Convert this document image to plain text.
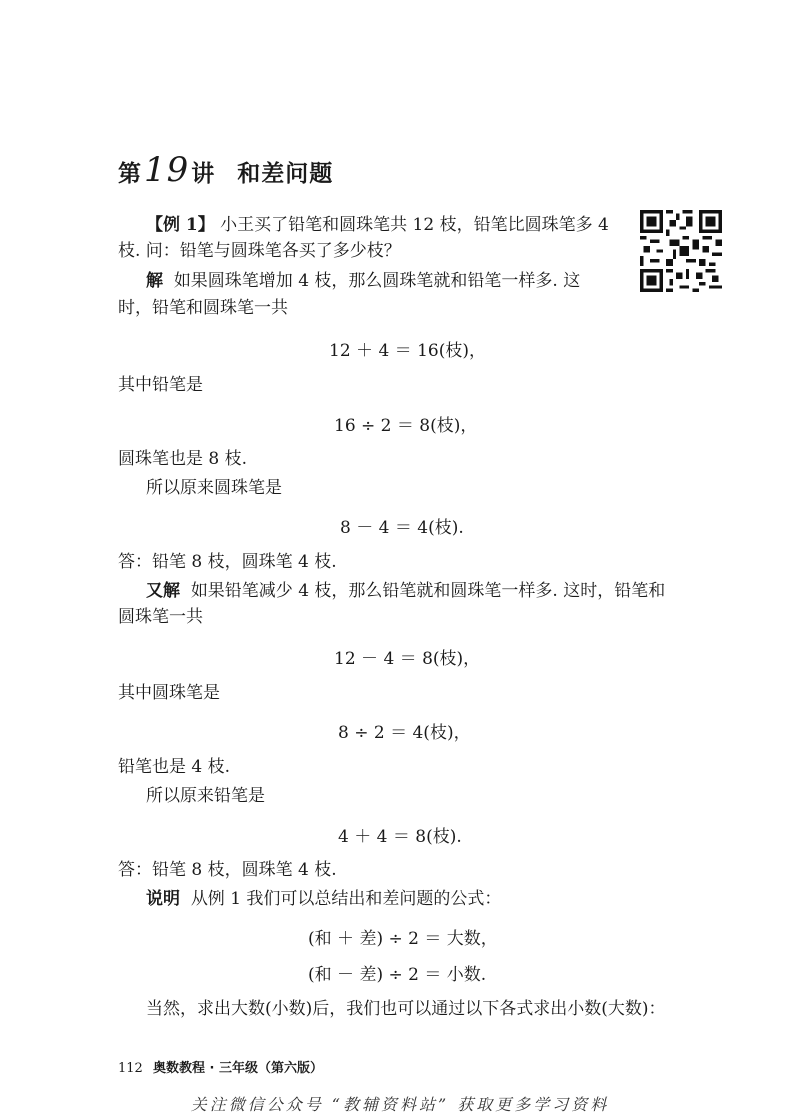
第19讲 和差问题
【例 1】 小王买了铅笔和圆珠笔共 12 枝，铅笔比圆珠笔多 4
枝. 问：铅笔与圆珠笔各买了多少枝？
解 如果圆珠笔增加 4 枝，那么圆珠笔就和铅笔一样多. 这
时，铅笔和圆珠笔一共
12 ＋ 4 ＝ 16(枝)，
其中铅笔是
16 ÷ 2 ＝ 8(枝)，
圆珠笔也是 8 枝.
所以原来圆珠笔是
8 － 4 ＝ 4(枝).
答：铅笔 8 枝，圆珠笔 4 枝.
又解 如果铅笔减少 4 枝，那么铅笔就和圆珠笔一样多. 这时，铅笔和
圆珠笔一共
12 － 4 ＝ 8(枝)，
其中圆珠笔是
8 ÷ 2 ＝ 4(枝)，
铅笔也是 4 枝.
所以原来铅笔是
4 ＋ 4 ＝ 8(枝).
答：铅笔 8 枝，圆珠笔 4 枝.
说明 从例 1 我们可以总结出和差问题的公式：
(和 ＋ 差) ÷ 2 ＝ 大数，
(和 － 差) ÷ 2 ＝ 小数.
当然，求出大数(小数)后，我们也可以通过以下各式求出小数(大数)：
112 奥数教程 · 三年级（第六版）
关注微信公众号 “教辅资料站” 获取更多学习资料
